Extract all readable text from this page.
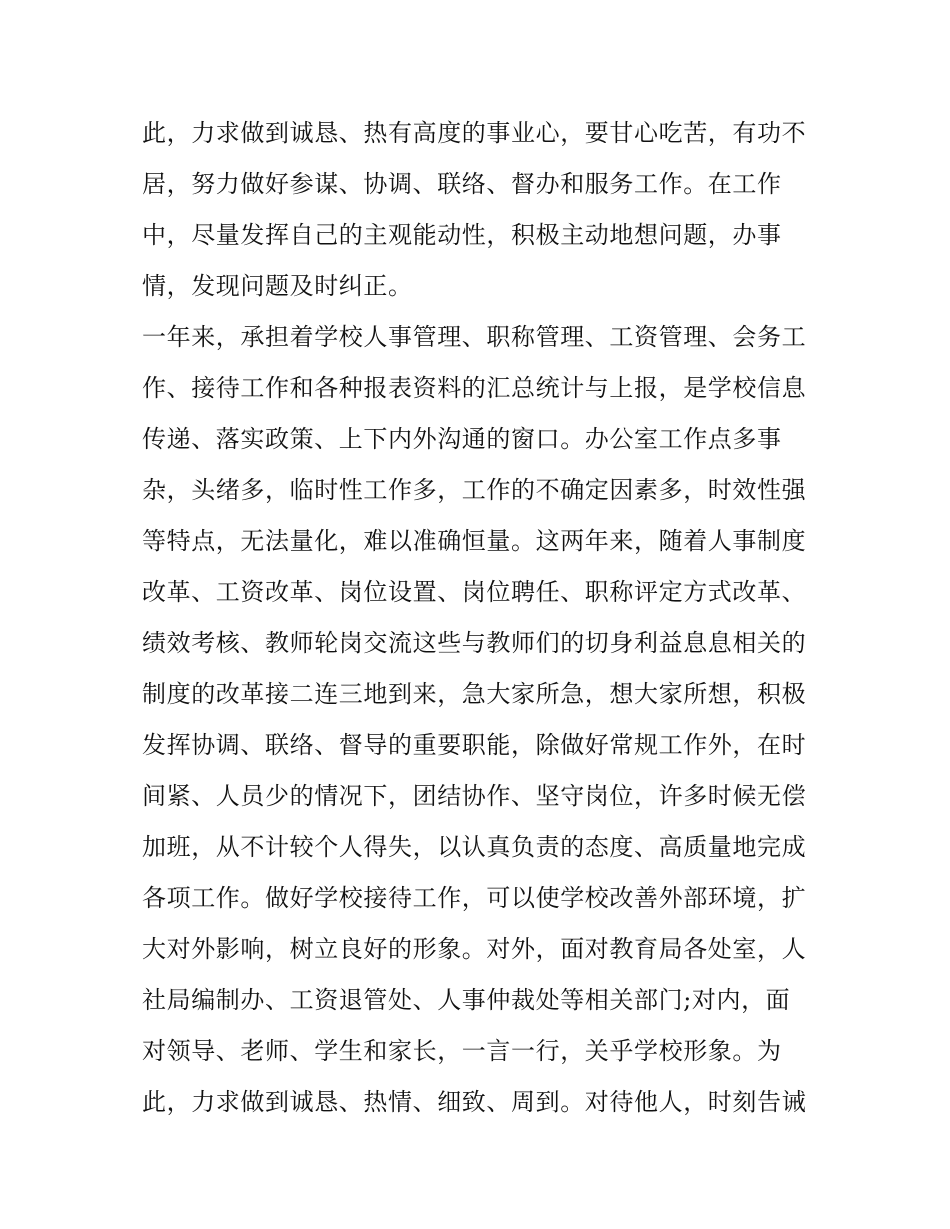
此，力求做到诚恳、热有高度的事业心，要甘心吃苦，有功不
居，努力做好参谋、协调、联络、督办和服务工作。在工作
中，尽量发挥自己的主观能动性，积极主动地想问题，办事
情，发现问题及时纠正。
一年来，承担着学校人事管理、职称管理、工资管理、会务工
作、接待工作和各种报表资料的汇总统计与上报，是学校信息
传递、落实政策、上下内外沟通的窗口。办公室工作点多事
杂，头绪多，临时性工作多，工作的不确定因素多，时效性强
等特点，无法量化，难以准确恒量。这两年来，随着人事制度
改革、工资改革、岗位设置、岗位聘任、职称评定方式改革、
绩效考核、教师轮岗交流这些与教师们的切身利益息息相关的
制度的改革接二连三地到来，急大家所急，想大家所想，积极
发挥协调、联络、督导的重要职能，除做好常规工作外，在时
间紧、人员少的情况下，团结协作、坚守岗位，许多时候无偿
加班，从不计较个人得失，以认真负责的态度、高质量地完成
各项工作。做好学校接待工作，可以使学校改善外部环境，扩
大对外影响，树立良好的形象。对外，面对教育局各处室，人
社局编制办、工资退管处、人事仲裁处等相关部门;对内，面
对领导、老师、学生和家长，一言一行，关乎学校形象。为
此，力求做到诚恳、热情、细致、周到。对待他人，时刻告诫
